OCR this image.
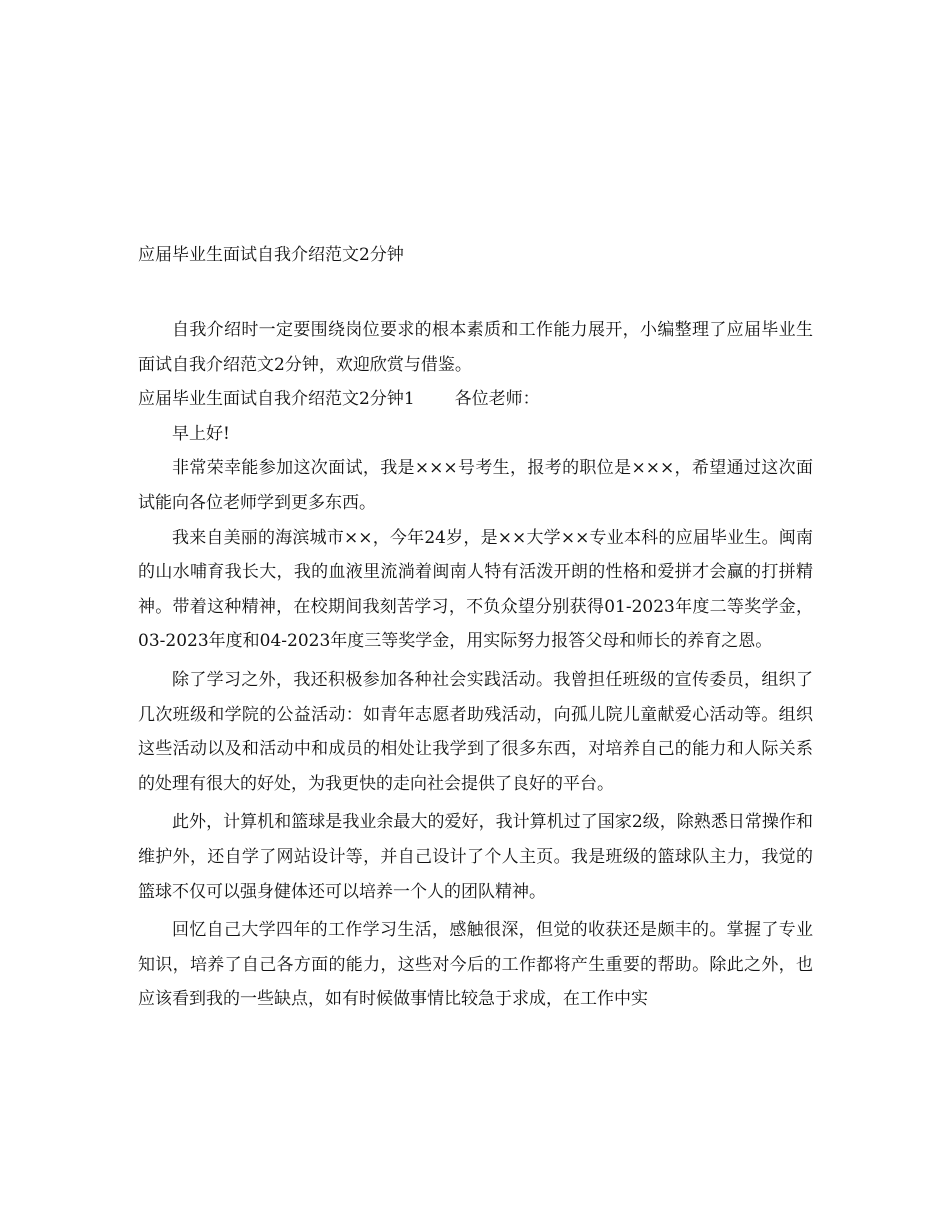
应届毕业生面试自我介绍范文2分钟

自我介绍时一定要围绕岗位要求的根本素质和工作能力展开，小编整理了应届毕业生面试自我介绍范文2分钟，欢迎欣赏与借鉴。

应届毕业生面试自我介绍范文2分钟1 各位老师：

早上好!

非常荣幸能参加这次面试，我是×××号考生，报考的职位是×××，希望通过这次面试能向各位老师学到更多东西。

我来自美丽的海滨城市××，今年24岁，是××大学××专业本科的应届毕业生。闽南的山水哺育我长大，我的血液里流淌着闽南人特有活泼开朗的性格和爱拼才会赢的打拼精神。带着这种精神，在校期间我刻苦学习，不负众望分别获得01-2023年度二等奖学金，03-2023年度和04-2023年度三等奖学金，用实际努力报答父母和师长的养育之恩。

除了学习之外，我还积极参加各种社会实践活动。我曾担任班级的宣传委员，组织了几次班级和学院的公益活动：如青年志愿者助残活动，向孤儿院儿童献爱心活动等。组织这些活动以及和活动中和成员的相处让我学到了很多东西，对培养自己的能力和人际关系的处理有很大的好处，为我更快的走向社会提供了良好的平台。

此外，计算机和篮球是我业余最大的爱好，我计算机过了国家2级，除熟悉日常操作和维护外，还自学了网站设计等，并自己设计了个人主页。我是班级的篮球队主力，我觉的篮球不仅可以强身健体还可以培养一个人的团队精神。

回忆自己大学四年的工作学习生活，感触很深，但觉的收获还是颇丰的。掌握了专业知识，培养了自己各方面的能力，这些对今后的工作都将产生重要的帮助。除此之外，也应该看到我的一些缺点，如有时候做事情比较急于求成，在工作中实
